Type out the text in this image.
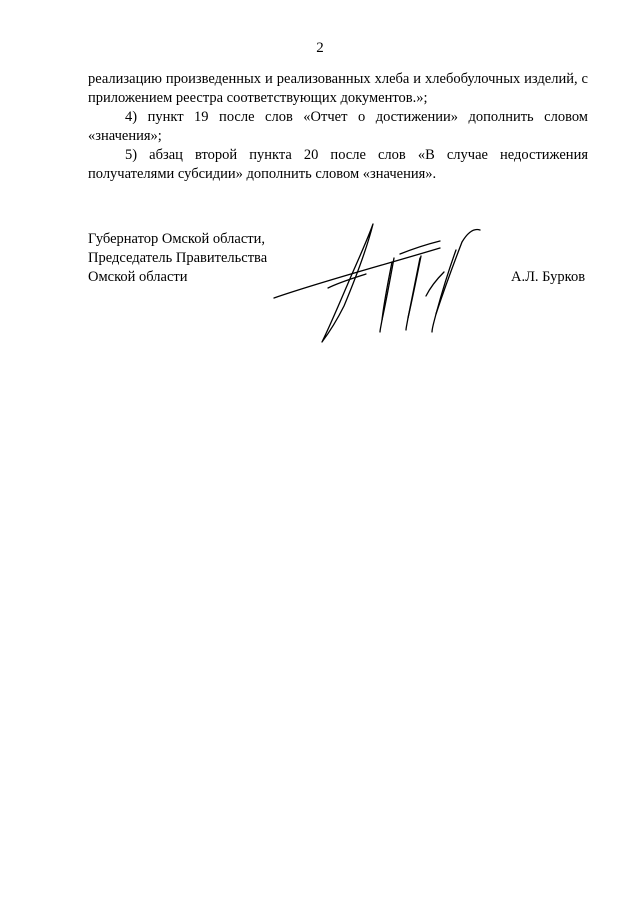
2

реализацию произведенных и реализованных хлеба и хлебобулочных изделий, с приложением реестра соответствующих документов.»;

4) пункт 19 после слов «Отчет о достижении» дополнить словом «значения»;

5) абзац второй пункта 20 после слов «В случае недостижения получателями субсидии» дополнить словом «значения».

Губернатор Омской области,
Председатель Правительства
Омской области	А.Л. Бурков
